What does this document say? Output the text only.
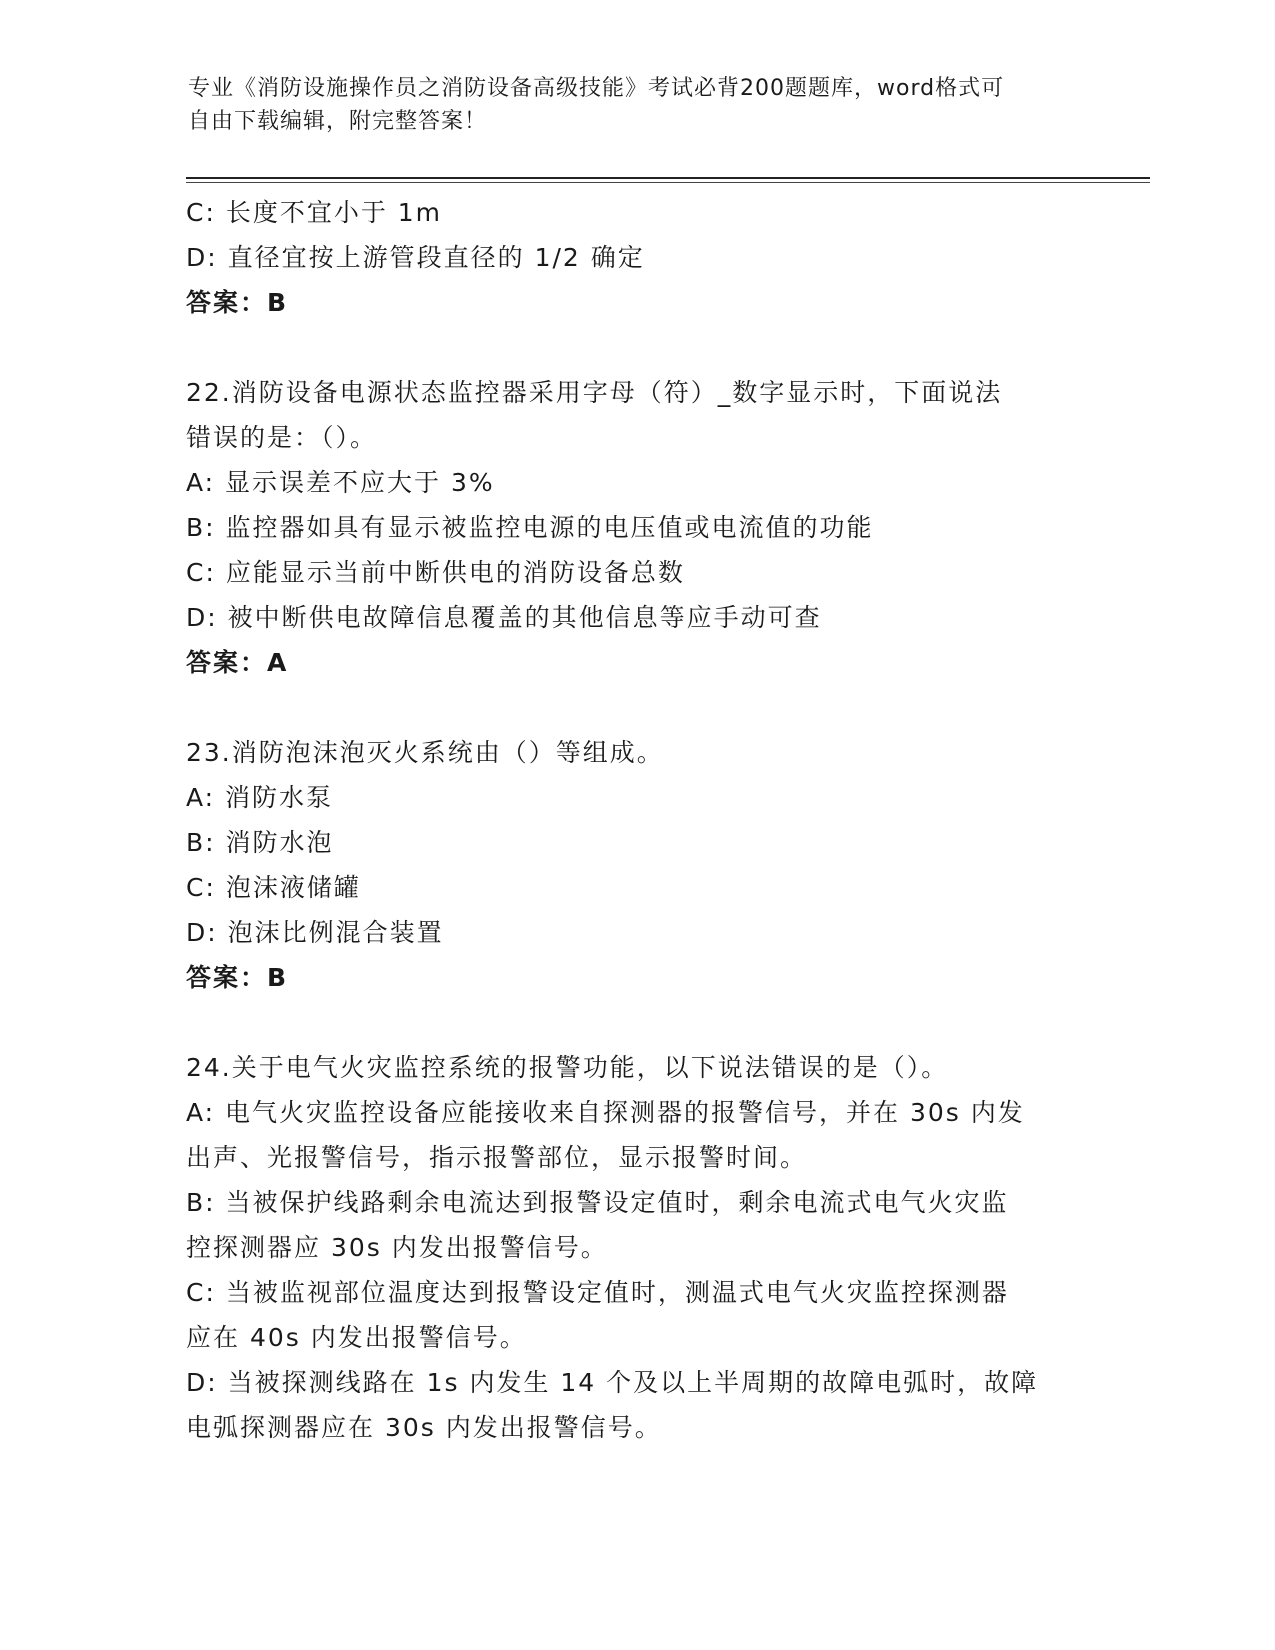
专业《消防设施操作员之消防设备高级技能》考试必背200题题库，word格式可
自由下载编辑，附完整答案！
C: 长度不宜小于 1m
D: 直径宜按上游管段直径的 1/2 确定
答案：B
22.消防设备电源状态监控器采用字母（符）_数字显示时，下面说法
错误的是：（）。
A: 显示误差不应大于 3%
B: 监控器如具有显示被监控电源的电压值或电流值的功能
C: 应能显示当前中断供电的消防设备总数
D: 被中断供电故障信息覆盖的其他信息等应手动可查
答案：A
23.消防泡沫泡灭火系统由（）等组成。
A: 消防水泵
B: 消防水泡
C: 泡沫液储罐
D: 泡沫比例混合装置
答案：B
24.关于电气火灾监控系统的报警功能，以下说法错误的是（）。
A: 电气火灾监控设备应能接收来自探测器的报警信号，并在 30s 内发
出声、光报警信号，指示报警部位，显示报警时间。
B: 当被保护线路剩余电流达到报警设定值时，剩余电流式电气火灾监
控探测器应 30s 内发出报警信号。
C: 当被监视部位温度达到报警设定值时，测温式电气火灾监控探测器
应在 40s 内发出报警信号。
D: 当被探测线路在 1s 内发生 14 个及以上半周期的故障电弧时，故障
电弧探测器应在 30s 内发出报警信号。
